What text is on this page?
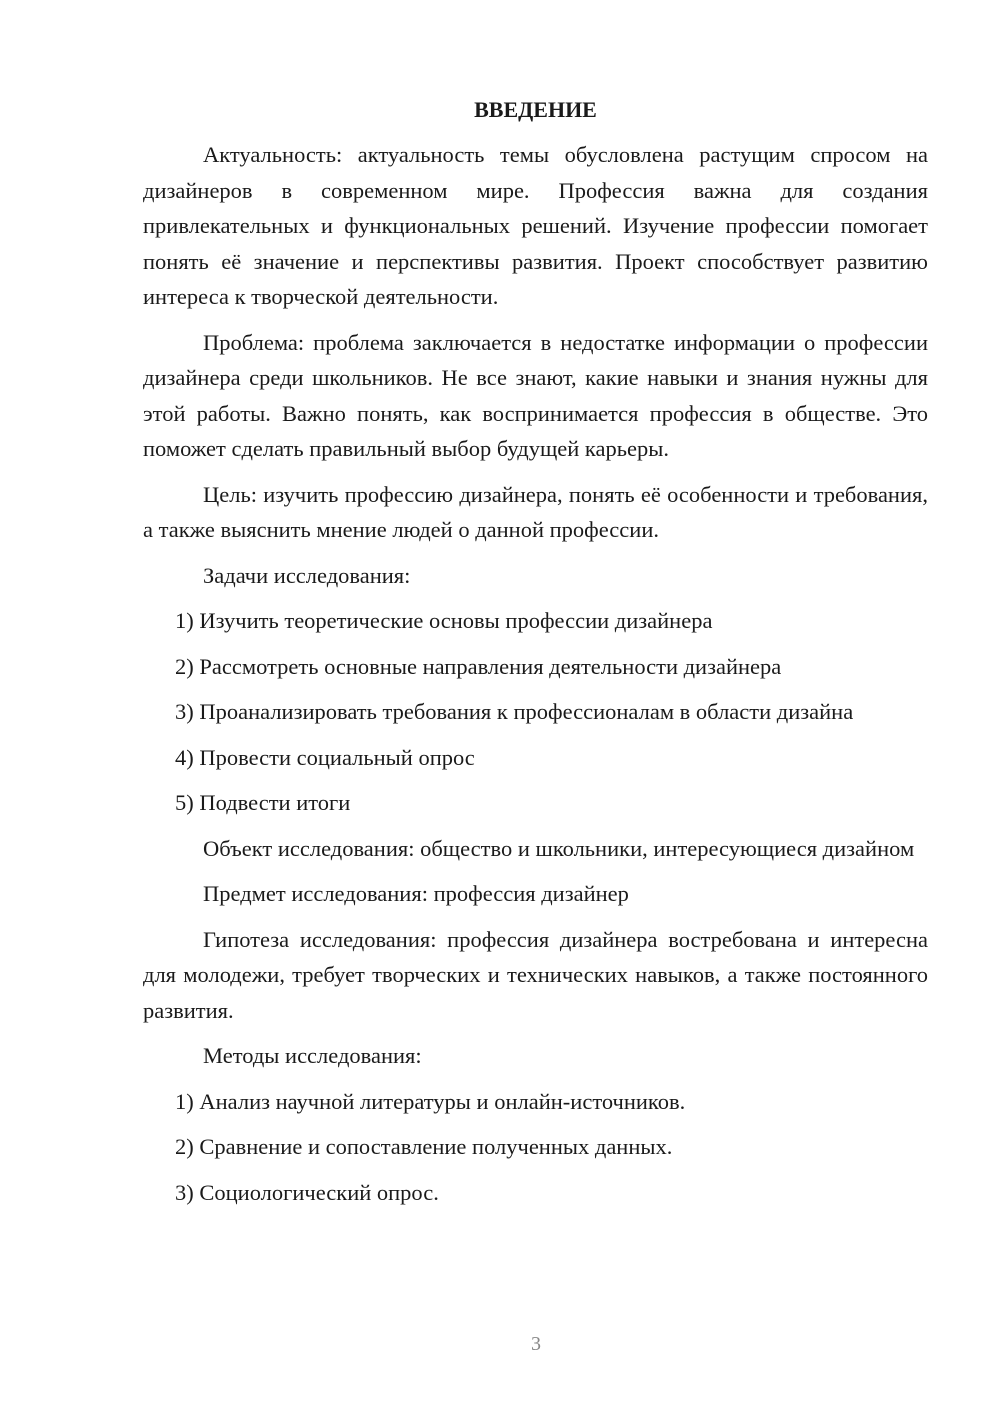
ВВЕДЕНИЕ

Актуальность: актуальность темы обусловлена растущим спросом на дизайнеров в современном мире. Профессия важна для создания привлекательных и функциональных решений. Изучение профессии помогает понять её значение и перспективы развития. Проект способствует развитию интереса к творческой деятельности.

Проблема: проблема заключается в недостатке информации о профессии дизайнера среди школьников. Не все знают, какие навыки и знания нужны для этой работы. Важно понять, как воспринимается профессия в обществе. Это поможет сделать правильный выбор будущей карьеры.

Цель: изучить профессию дизайнера, понять её особенности и требования, а также выяснить мнение людей о данной профессии.

Задачи исследования:

1) Изучить теоретические основы профессии дизайнера

2) Рассмотреть основные направления деятельности дизайнера

3) Проанализировать требования к профессионалам в области дизайна

4) Провести социальный опрос

5) Подвести итоги

Объект исследования: общество и школьники, интересующиеся дизайном

Предмет исследования: профессия дизайнер

Гипотеза исследования: профессия дизайнера востребована и интересна для молодежи, требует творческих и технических навыков, а также постоянного развития.

Методы исследования:

1) Анализ научной литературы и онлайн-источников.

2) Сравнение и сопоставление полученных данных.

3) Социологический опрос.

3
